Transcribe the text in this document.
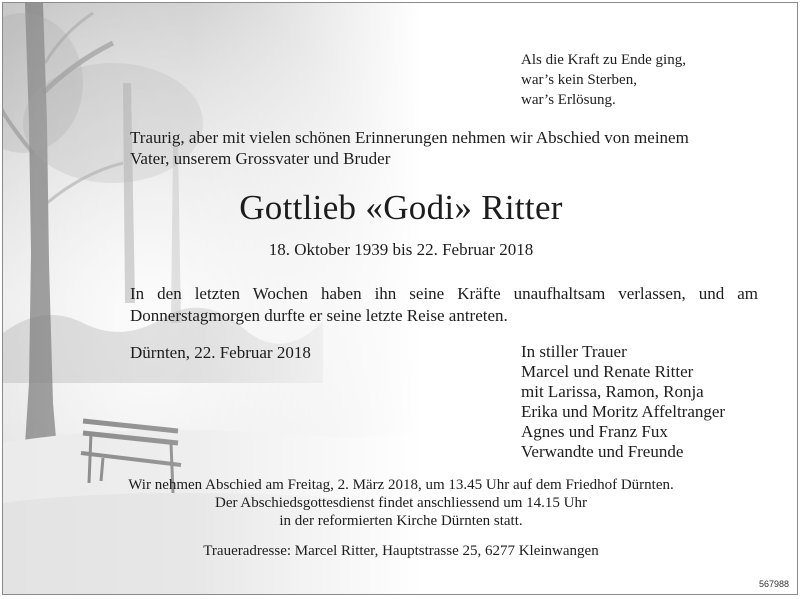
Als die Kraft zu Ende ging,
war’s kein Sterben,
war’s Erlösung.

Traurig, aber mit vielen schönen Erinnerungen nehmen wir Abschied von meinem
Vater, unserem Grossvater und Bruder

Gottlieb «Godi» Ritter

18. Oktober 1939 bis 22. Februar 2018

In den letzten Wochen haben ihn seine Kräfte unaufhaltsam verlassen, und am Donnerstagmorgen durfte er seine letzte Reise antreten.

Dürnten, 22. Februar 2018	In stiller Trauer
Marcel und Renate Ritter
mit Larissa, Ramon, Ronja
Erika und Moritz Affeltranger
Agnes und Franz Fux
Verwandte und Freunde
Wir nehmen Abschied am Freitag, 2. März 2018, um 13.45 Uhr auf dem Friedhof Dürnten.
Der Abschiedsgottesdienst findet anschliessend um 14.15 Uhr
in der reformierten Kirche Dürnten statt.

Traueradresse: Marcel Ritter, Hauptstrasse 25, 6277 Kleinwangen

567988
